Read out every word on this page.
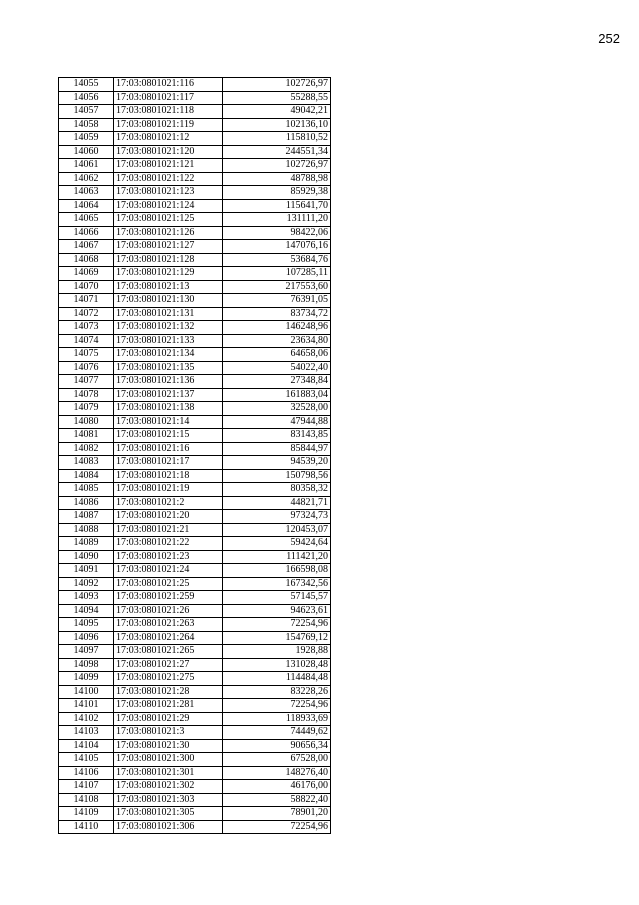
252
14055	17:03:0801021:116	102726,97
14056	17:03:0801021:117	55288,55
14057	17:03:0801021:118	49042,21
14058	17:03:0801021:119	102136,10
14059	17:03:0801021:12	115810,52
14060	17:03:0801021:120	244551,34
14061	17:03:0801021:121	102726,97
14062	17:03:0801021:122	48788,98
14063	17:03:0801021:123	85929,38
14064	17:03:0801021:124	115641,70
14065	17:03:0801021:125	131111,20
14066	17:03:0801021:126	98422,06
14067	17:03:0801021:127	147076,16
14068	17:03:0801021:128	53684,76
14069	17:03:0801021:129	107285,11
14070	17:03:0801021:13	217553,60
14071	17:03:0801021:130	76391,05
14072	17:03:0801021:131	83734,72
14073	17:03:0801021:132	146248,96
14074	17:03:0801021:133	23634,80
14075	17:03:0801021:134	64658,06
14076	17:03:0801021:135	54022,40
14077	17:03:0801021:136	27348,84
14078	17:03:0801021:137	161883,04
14079	17:03:0801021:138	32528,00
14080	17:03:0801021:14	47944,88
14081	17:03:0801021:15	83143,85
14082	17:03:0801021:16	85844,97
14083	17:03:0801021:17	94539,20
14084	17:03:0801021:18	150798,56
14085	17:03:0801021:19	80358,32
14086	17:03:0801021:2	44821,71
14087	17:03:0801021:20	97324,73
14088	17:03:0801021:21	120453,07
14089	17:03:0801021:22	59424,64
14090	17:03:0801021:23	111421,20
14091	17:03:0801021:24	166598,08
14092	17:03:0801021:25	167342,56
14093	17:03:0801021:259	57145,57
14094	17:03:0801021:26	94623,61
14095	17:03:0801021:263	72254,96
14096	17:03:0801021:264	154769,12
14097	17:03:0801021:265	1928,88
14098	17:03:0801021:27	131028,48
14099	17:03:0801021:275	114484,48
14100	17:03:0801021:28	83228,26
14101	17:03:0801021:281	72254,96
14102	17:03:0801021:29	118933,69
14103	17:03:0801021:3	74449,62
14104	17:03:0801021:30	90656,34
14105	17:03:0801021:300	67528,00
14106	17:03:0801021:301	148276,40
14107	17:03:0801021:302	46176,00
14108	17:03:0801021:303	58822,40
14109	17:03:0801021:305	78901,20
14110	17:03:0801021:306	72254,96
